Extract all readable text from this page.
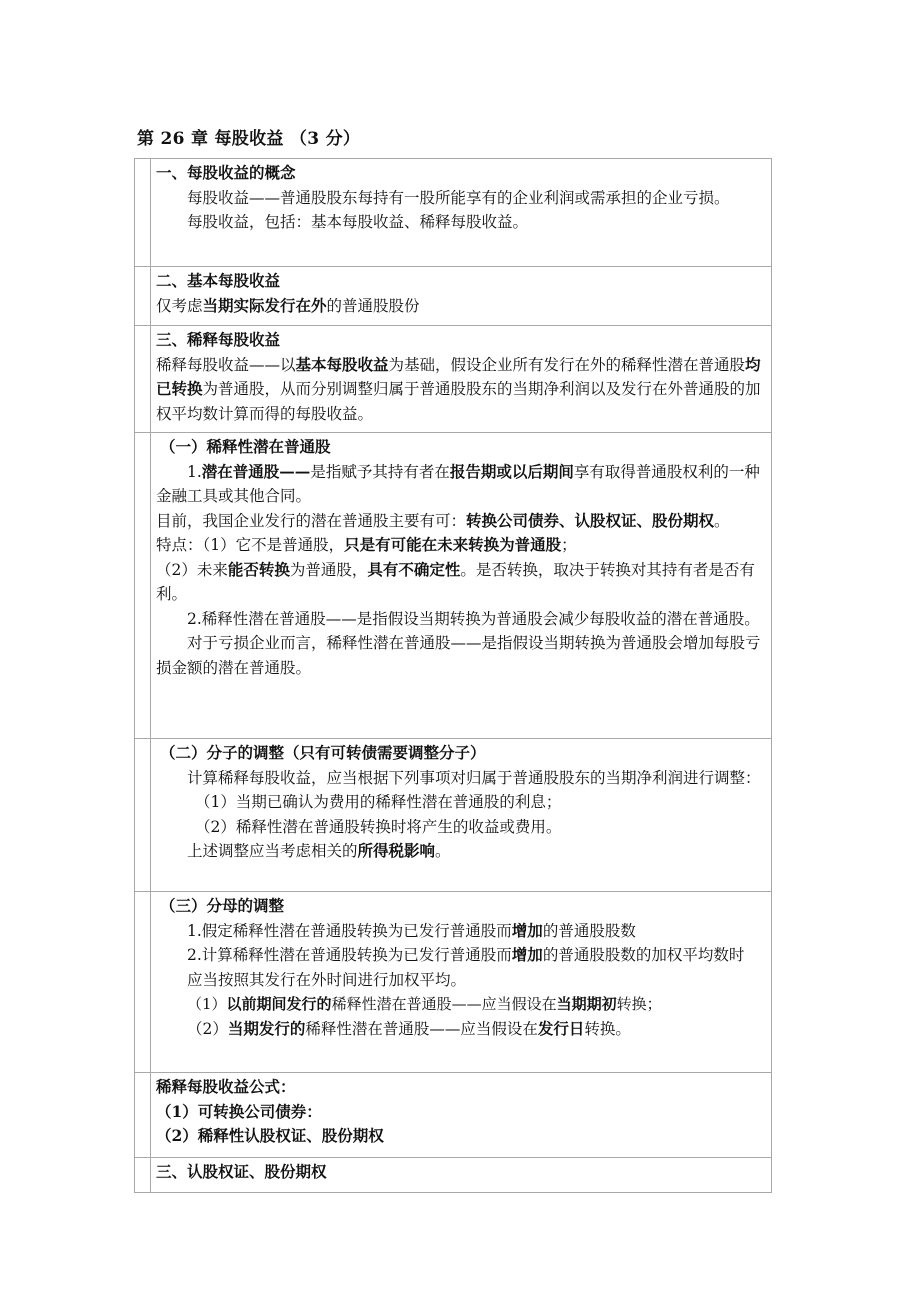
第 26 章 每股收益 （3 分）

一、每股收益的概念

每股收益——普通股股东每持有一股所能享有的企业利润或需承担的企业亏损。

每股收益，包括：基本每股收益、稀释每股收益。

二、基本每股收益

仅考虑当期实际发行在外的普通股股份

三、稀释每股收益

稀释每股收益——以基本每股收益为基础，假设企业所有发行在外的稀释性潜在普通股均已转换为普通股，从而分别调整归属于普通股股东的当期净利润以及发行在外普通股的加权平均数计算而得的每股收益。

（一）稀释性潜在普通股

1.潜在普通股——是指赋予其持有者在报告期或以后期间享有取得普通股权利的一种金融工具或其他合同。

目前，我国企业发行的潜在普通股主要有可：转换公司债券、认股权证、股份期权。

特点：（1）它不是普通股，只是有可能在未来转换为普通股；

（2）未来能否转换为普通股，具有不确定性。是否转换，取决于转换对其持有者是否有利。

2.稀释性潜在普通股——是指假设当期转换为普通股会减少每股收益的潜在普通股。

对于亏损企业而言，稀释性潜在普通股——是指假设当期转换为普通股会增加每股亏损金额的潜在普通股。

（二）分子的调整（只有可转债需要调整分子）

计算稀释每股收益，应当根据下列事项对归属于普通股股东的当期净利润进行调整：

（1）当期已确认为费用的稀释性潜在普通股的利息；

（2）稀释性潜在普通股转换时将产生的收益或费用。

上述调整应当考虑相关的所得税影响。

（三）分母的调整

1.假定稀释性潜在普通股转换为已发行普通股而增加的普通股股数

2.计算稀释性潜在普通股转换为已发行普通股而增加的普通股股数的加权平均数时

应当按照其发行在外时间进行加权平均。

（1）以前期间发行的稀释性潜在普通股——应当假设在当期期初转换；

（2）当期发行的稀释性潜在普通股——应当假设在发行日转换。

稀释每股收益公式：

（1）可转换公司债券：

（2）稀释性认股权证、股份期权

三、认股权证、股份期权
